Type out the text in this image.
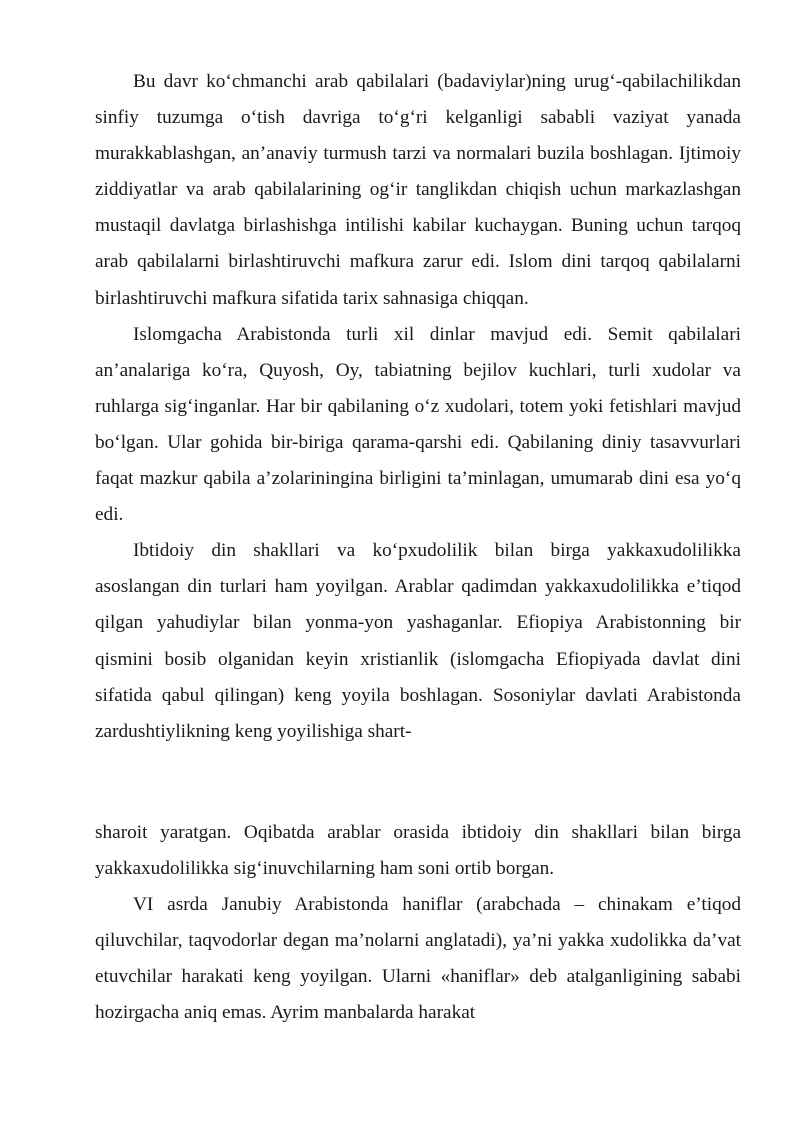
Bu davr ko‘chmanchi arab qabilalari (badaviylar)ning urug‘-qabilachilikdan sinfiy tuzumga o‘tish davriga to‘g‘ri kelganligi sababli vaziyat yanada murakkablashgan, an’anaviy turmush tarzi va normalari buzila boshlagan. Ijtimoiy ziddiyatlar va arab qabilalarining og‘ir tanglikdan chiqish uchun markazlashgan mustaqil davlatga birlashishga intilishi kabilar kuchaygan. Buning uchun tarqoq arab qabilalarni birlashtiruvchi mafkura zarur edi. Islom dini tarqoq qabilalarni birlashtiruvchi mafkura sifatida tarix sahnasiga chiqqan.

Islomgacha Arabistonda turli xil dinlar mavjud edi. Semit qabilalari an’analariga ko‘ra, Quyosh, Oy, tabiatning bejilov kuchlari, turli xudolar va ruhlarga sig‘inganlar. Har bir qabilaning o‘z xudolari, totem yoki fetishlari mavjud bo‘lgan. Ular gohida bir-biriga qarama-qarshi edi. Qabilaning diniy tasavvurlari faqat mazkur qabila a’zolariningina birligini ta’minlagan, umumarab dini esa yo‘q edi.

Ibtidoiy din shakllari va ko‘pxudolilik bilan birga yakkaxudolilikka asoslangan din turlari ham yoyilgan. Arablar qadimdan yakkaxudolilikka e’tiqod qilgan yahudiylar bilan yonma-yon yashaganlar. Efiopiya Arabistonning bir qismini bosib olganidan keyin xristianlik (islomgacha Efiopiyada davlat dini sifatida qabul qilingan) keng yoyila boshlagan. Sosoniylar davlati Arabistonda zardushtiylikning keng yoyilishiga shart-

sharoit yaratgan. Oqibatda arablar orasida ibtidoiy din shakllari bilan birga yakkaxudolilikka sig‘inuvchilarning ham soni ortib borgan.

VI asrda Janubiy Arabistonda haniflar (arabchada – chinakam e’tiqod qiluvchilar, taqvodorlar degan ma’nolarni anglatadi), ya’ni yakka xudolikka da’vat etuvchilar harakati keng yoyilgan. Ularni «haniflar» deb atalganligining sababi hozirgacha aniq emas. Ayrim manbalarda harakat
